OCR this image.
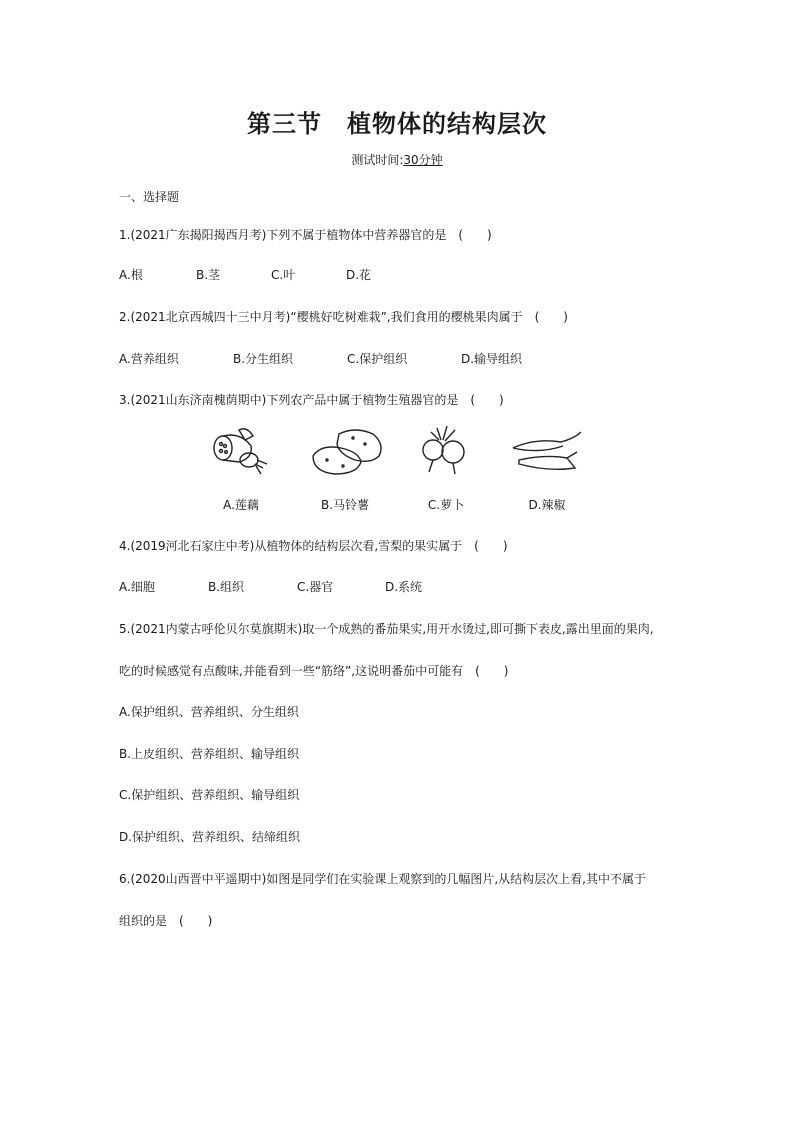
第三节　植物体的结构层次
测试时间:30分钟
一、选择题
1.(2021广东揭阳揭西月考)下列不属于植物体中营养器官的是　(　　)
A.根	B.茎	C.叶	D.花
2.(2021北京西城四十三中月考)“樱桃好吃树难栽”,我们食用的樱桃果肉属于　(　　)
A.营养组织	B.分生组织	C.保护组织	D.输导组织
3.(2021山东济南槐荫期中)下列农产品中属于植物生殖器官的是　(　　)
A.莲藕	B.马铃薯	C.萝卜	D.辣椒
4.(2019河北石家庄中考)从植物体的结构层次看,雪梨的果实属于　(　　)
A.细胞	B.组织	C.器官	D.系统
5.(2021内蒙古呼伦贝尔莫旗期末)取一个成熟的番茄果实,用开水烫过,即可撕下表皮,露出里面的果肉,
吃的时候感觉有点酸味,并能看到一些“筋络”,这说明番茄中可能有　(　　)
A.保护组织、营养组织、分生组织
B.上皮组织、营养组织、输导组织
C.保护组织、营养组织、输导组织
D.保护组织、营养组织、结缔组织
6.(2020山西晋中平遥期中)如图是同学们在实验课上观察到的几幅图片,从结构层次上看,其中不属于
组织的是　(　　)
